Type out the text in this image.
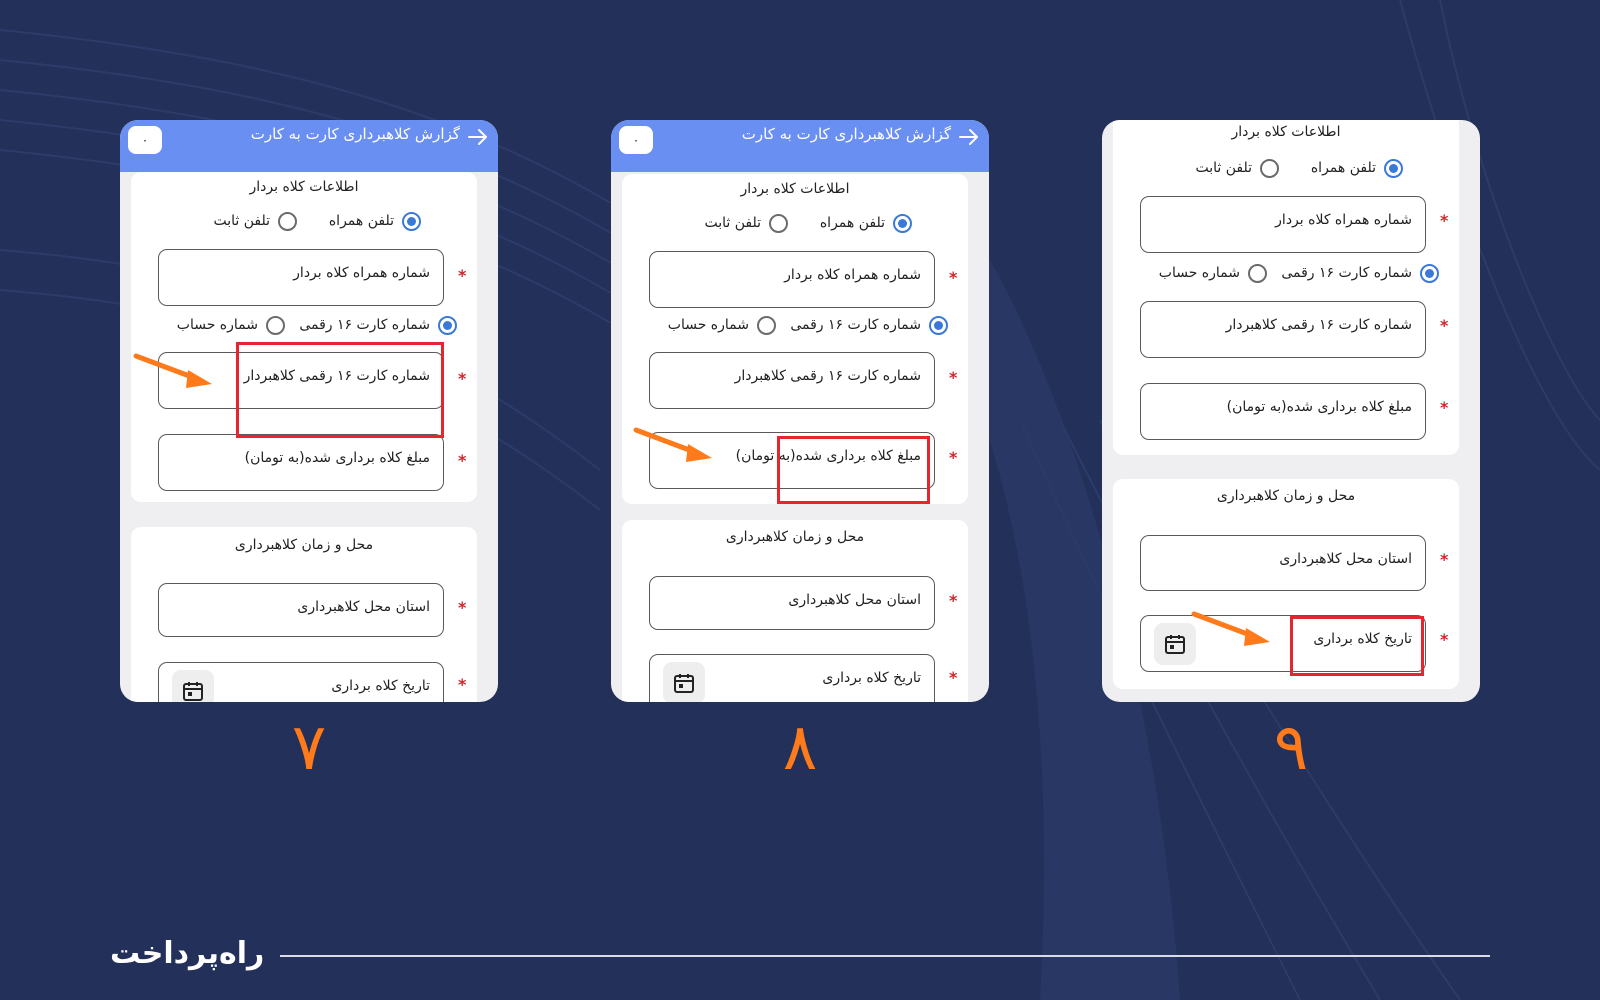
گزارش کلاهبرداری کارت به کارت
۰
اطلاعات کلاه بردار
تلفن همراه
تلفن ثابت
*
شماره همراه کلاه بردار
شماره کارت ۱۶ رقمی
شماره حساب
*
شماره کارت ۱۶ رقمی کلاهبردار
*
مبلغ کلاه برداری شده(به تومان)
محل و زمان کلاهبرداری
*
استان محل کلاهبرداری
*
تاریخ کلاه برداری
گزارش کلاهبرداری کارت به کارت
۰
اطلاعات کلاه بردار
تلفن همراه
تلفن ثابت
*
شماره همراه کلاه بردار
شماره کارت ۱۶ رقمی
شماره حساب
*
شماره کارت ۱۶ رقمی کلاهبردار
*
مبلغ کلاه برداری شده(به تومان)
محل و زمان کلاهبرداری
*
استان محل کلاهبرداری
*
تاریخ کلاه برداری
اطلاعات کلاه بردار
تلفن همراه
تلفن ثابت
*
شماره همراه کلاه بردار
شماره کارت ۱۶ رقمی
شماره حساب
*
شماره کارت ۱۶ رقمی کلاهبردار
*
مبلغ کلاه برداری شده(به تومان)
محل و زمان کلاهبرداری
*
استان محل کلاهبرداری
*
تاریخ کلاه برداری
۷	۸	۹
راه‌پرداخت
